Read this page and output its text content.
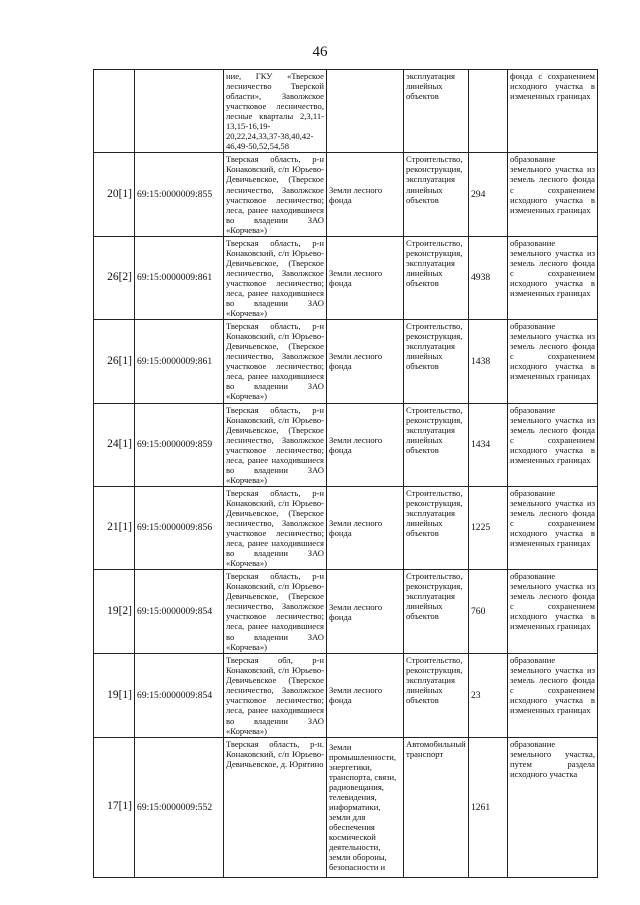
46
		ние, ГКУ «Тверское лесничество Тверской области», Заволжское участковое лесничество, лесные кварталы 2,3,11-13,15-16,19-20,22,24,33,37-38,40,42-46,49-50,52,54,58		эксплуатация линейных объектов		фонда с сохранением исходного участка в измененных границах
20[1]	69:15:0000009:855	Тверская область, р-н Конаковский, с/п Юрьево-Девичьевское, (Тверское лесничество, Заволжское участковое лесничество; леса, ранее находившиеся во владении ЗАО «Корчева»)	Земли лесного фонда	Строительство, реконструкция, эксплуатация линейных объектов	294	образование земельного участка из земель лесного фонда с сохранением исходного участка в измененных границах
26[2]	69:15:0000009:861	Тверская область, р-н Конаковский, с/п Юрьево-Девичьевское, (Тверское лесничество, Заволжское участковое лесничество; леса, ранее находившиеся во владении ЗАО «Корчева»)	Земли лесного фонда	Строительство, реконструкция, эксплуатация линейных объектов	4938	образование земельного участка из земель лесного фонда с сохранением исходного участка в измененных границах
26[1]	69:15:0000009:861	Тверская область, р-н Конаковский, с/п Юрьево-Девичьевское, (Тверское лесничество, Заволжское участковое лесничество; леса, ранее находившиеся во владении ЗАО «Корчева»)	Земли лесного фонда	Строительство, реконструкция, эксплуатация линейных объектов	1438	образование земельного участка из земель лесного фонда с сохранением исходного участка в измененных границах
24[1]	69:15:0000009:859	Тверская область, р-н Конаковский, с/п Юрьево-Девичьевское, (Тверское лесничество, Заволжское участковое лесничество; леса, ранее находившиеся во владении ЗАО «Корчева»)	Земли лесного фонда	Строительство, реконструкция, эксплуатация линейных объектов	1434	образование земельного участка из земель лесного фонда с сохранением исходного участка в измененных границах
21[1]	69:15:0000009:856	Тверская область, р-н Конаковский, с/п Юрьево-Девичьевское, (Тверское лесничество, Заволжское участковое лесничество; леса, ранее находившиеся во владении ЗАО «Корчева»)	Земли лесного фонда	Строительство, реконструкция, эксплуатация линейных объектов	1225	образование земельного участка из земель лесного фонда с сохранением исходного участка в измененных границах
19[2]	69:15:0000009:854	Тверская область, р-н Конаковский, с/п Юрьево-Девичьевское, (Тверское лесничество, Заволжское участковое лесничество; леса, ранее находившиеся во владении ЗАО «Корчева»)	Земли лесного фонда	Строительство, реконструкция, эксплуатация линейных объектов	760	образование земельного участка из земель лесного фонда с сохранением исходного участка в измененных границах
19[1]	69:15:0000009:854	Тверская обл, р-н Конаковский, с/п Юрьево-Девичьевское (Тверское лесничество, Заволжское участковое лесничество; леса, ранее находившиеся во владении ЗАО «Корчева»)	Земли лесного фонда	Строительство, реконструкция, эксплуатация линейных объектов	23	образование земельного участка из земель лесного фонда с сохранением исходного участка в измененных границах
17[1]	69:15:0000009:552	Тверская область, р-н. Конаковский, с/п Юрьево-Девичьевское, д. Юрятино	Земли промышленности, энергетики, транспорта, связи, радиовещания, телевидения, информатики, земли для обеспечения космической деятельности, земли обороны, безопасности и	Автомобильный транспорт	1261	образование земельного участка, путем раздела исходного участка
